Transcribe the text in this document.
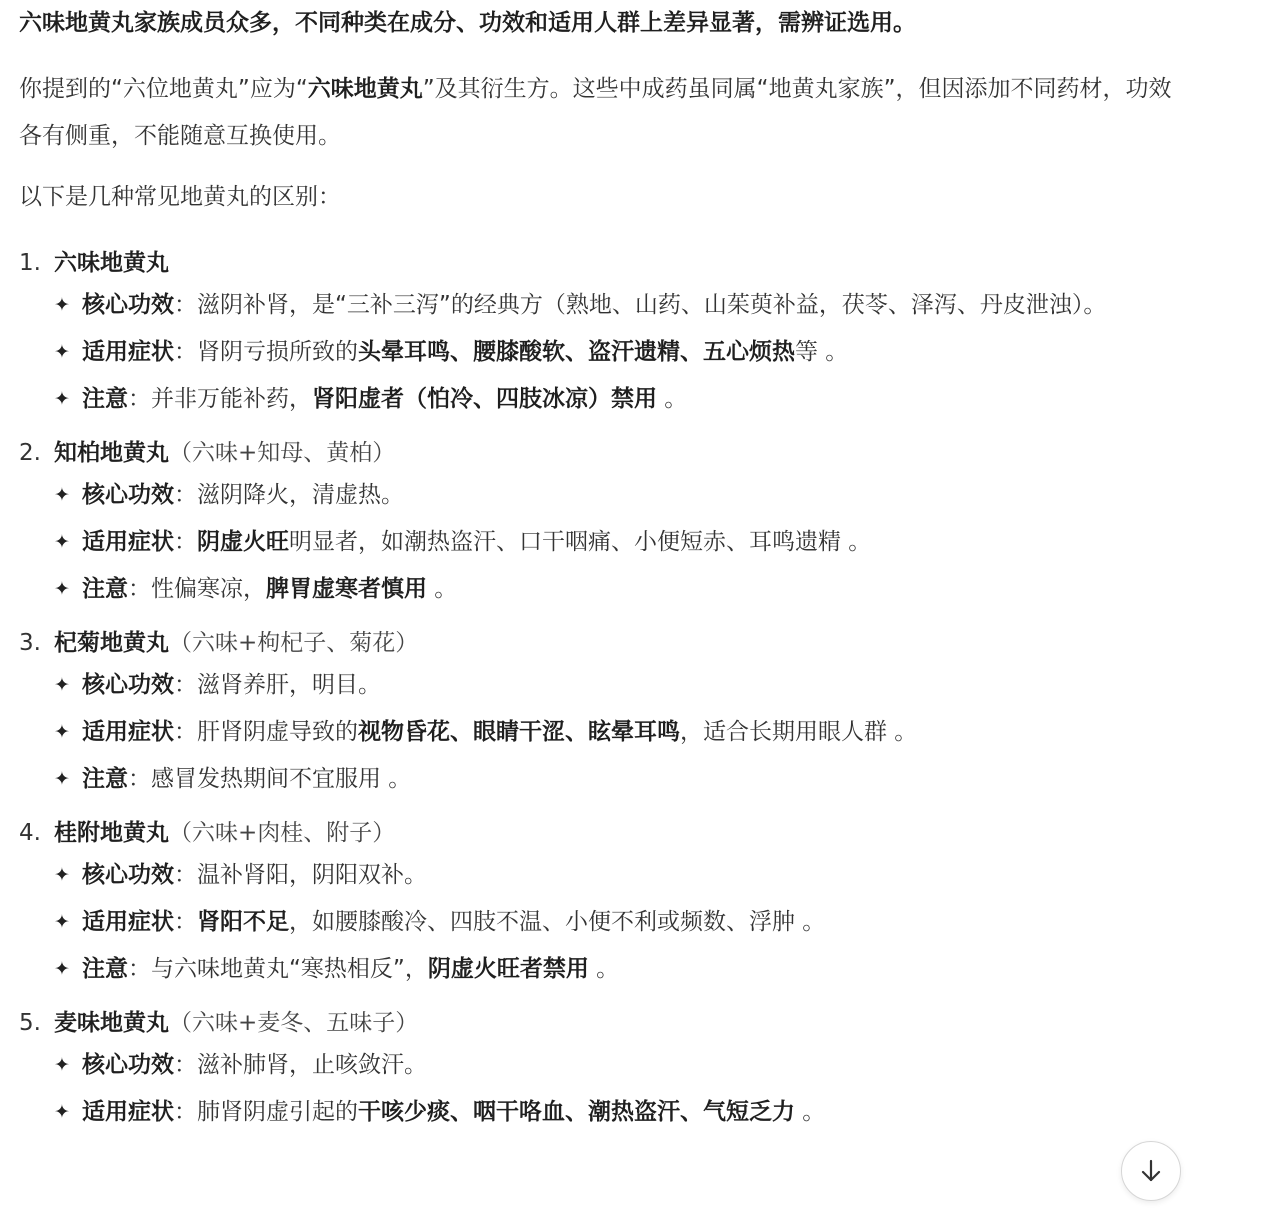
六味地黄丸家族成员众多，不同种类在成分、功效和适用人群上差异显著，需辨证选用。
你提到的“六位地黄丸”应为“六味地黄丸”及其衍生方。这些中成药虽同属“地黄丸家族”，但因添加不同药材，功效各有侧重，不能随意互换使用。
以下是几种常见地黄丸的区别：
1. 六味地黄丸
✦ 核心功效：滋阴补肾，是“三补三泻”的经典方（熟地、山药、山茱萸补益，茯苓、泽泻、丹皮泄浊）。
✦ 适用症状：肾阴亏损所致的头晕耳鸣、腰膝酸软、盗汗遗精、五心烦热等 。
✦ 注意：并非万能补药，肾阳虚者（怕冷、四肢冰凉）禁用 。
2. 知柏地黄丸（六味+知母、黄柏）
✦ 核心功效：滋阴降火，清虚热。
✦ 适用症状：阴虚火旺明显者，如潮热盗汗、口干咽痛、小便短赤、耳鸣遗精 。
✦ 注意：性偏寒凉，脾胃虚寒者慎用 。
3. 杞菊地黄丸（六味+枸杞子、菊花）
✦ 核心功效：滋肾养肝，明目。
✦ 适用症状：肝肾阴虚导致的视物昏花、眼睛干涩、眩晕耳鸣，适合长期用眼人群 。
✦ 注意：感冒发热期间不宜服用 。
4. 桂附地黄丸（六味+肉桂、附子）
✦ 核心功效：温补肾阳，阴阳双补。
✦ 适用症状：肾阳不足，如腰膝酸冷、四肢不温、小便不利或频数、浮肿 。
✦ 注意：与六味地黄丸“寒热相反”，阴虚火旺者禁用 。
5. 麦味地黄丸（六味+麦冬、五味子）
✦ 核心功效：滋补肺肾，止咳敛汗。
✦ 适用症状：肺肾阴虚引起的干咳少痰、咽干咯血、潮热盗汗、气短乏力 。
